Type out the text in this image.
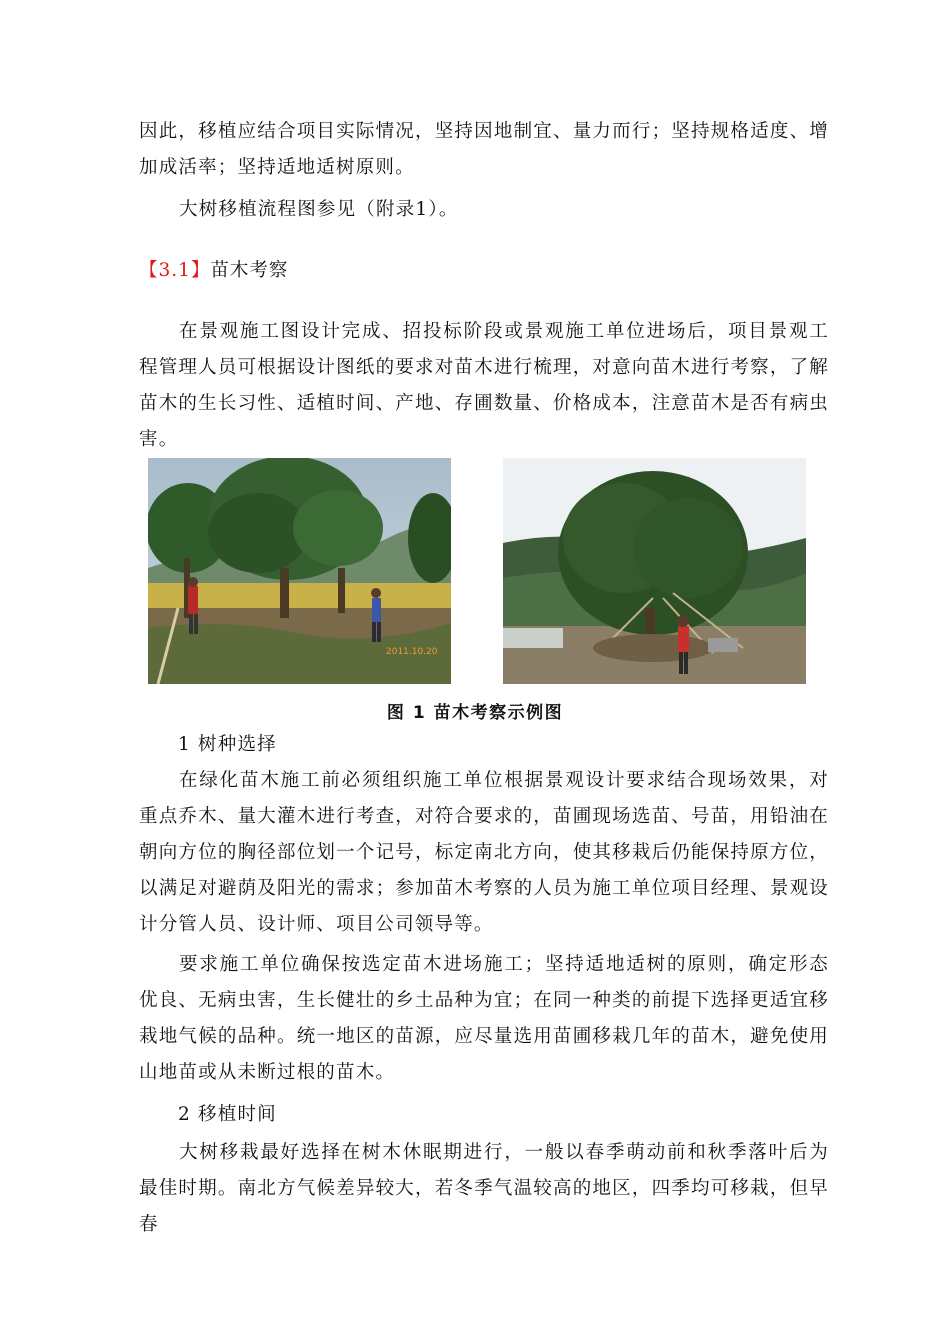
因此，移植应结合项目实际情况，坚持因地制宜、量力而行；坚持规格适度、增加成活率；坚持适地适树原则。

大树移植流程图参见（附录1）。

【3.1】苗木考察

在景观施工图设计完成、招投标阶段或景观施工单位进场后，项目景观工程管理人员可根据设计图纸的要求对苗木进行梳理，对意向苗木进行考察，了解苗木的生长习性、适植时间、产地、存圃数量、价格成本，注意苗木是否有病虫害。

2011.10.20

图 1 苗木考察示例图

1 树种选择

在绿化苗木施工前必须组织施工单位根据景观设计要求结合现场效果，对重点乔木、量大灌木进行考查，对符合要求的，苗圃现场选苗、号苗，用铅油在朝向方位的胸径部位划一个记号，标定南北方向，使其移栽后仍能保持原方位，以满足对避荫及阳光的需求；参加苗木考察的人员为施工单位项目经理、景观设计分管人员、设计师、项目公司领导等。

要求施工单位确保按选定苗木进场施工；坚持适地适树的原则，确定形态优良、无病虫害，生长健壮的乡土品种为宜；在同一种类的前提下选择更适宜移栽地气候的品种。统一地区的苗源，应尽量选用苗圃移栽几年的苗木，避免使用山地苗或从未断过根的苗木。

2 移植时间

大树移栽最好选择在树木休眠期进行，一般以春季萌动前和秋季落叶后为最佳时期。南北方气候差异较大，若冬季气温较高的地区，四季均可移栽，但早春
